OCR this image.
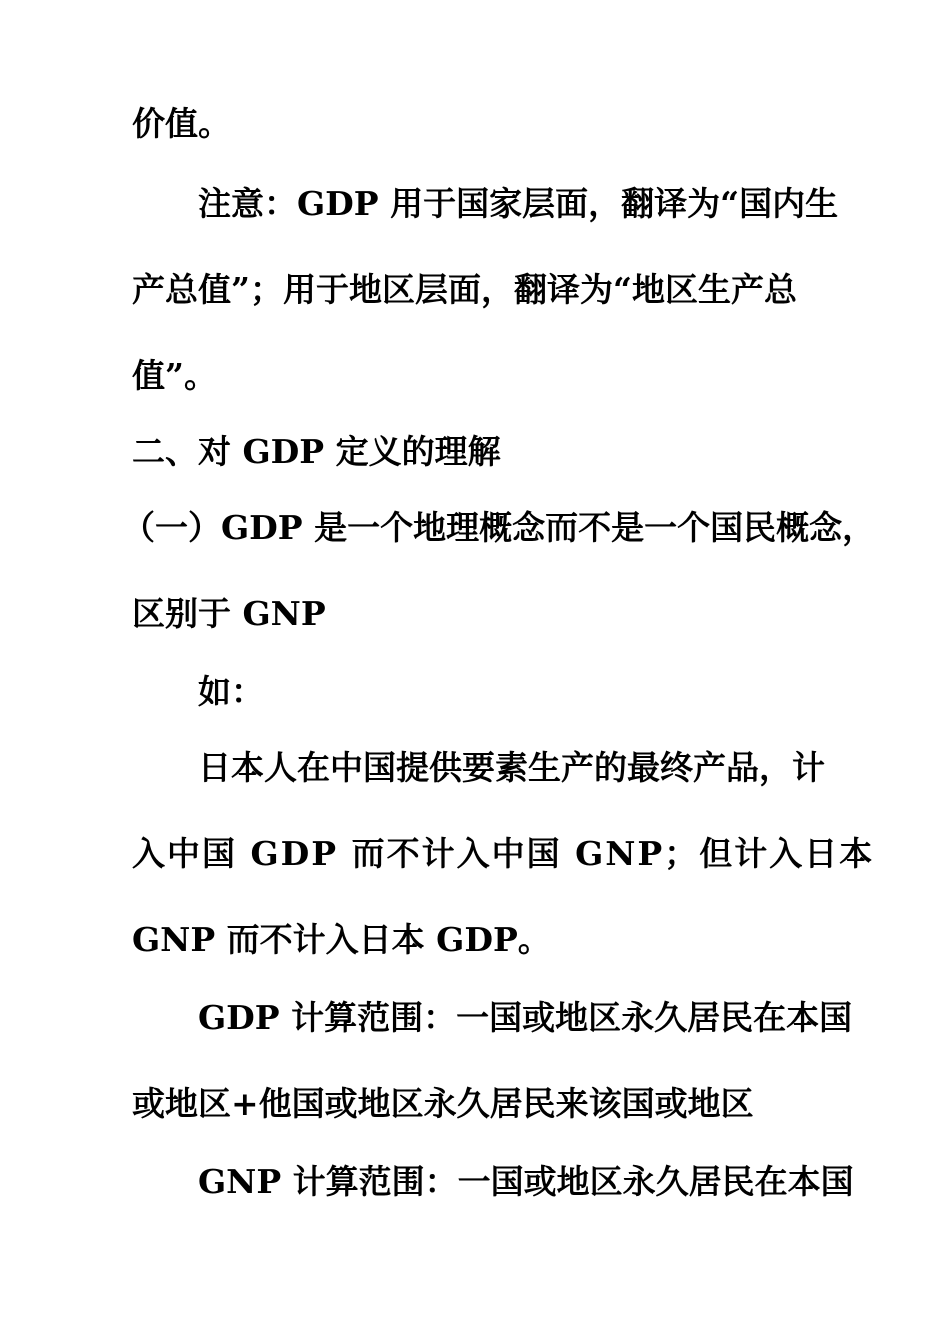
价值。
注意：GDP 用于国家层面，翻译为“国内生
产总值”；用于地区层面，翻译为“地区生产总
值”。
二、对 GDP 定义的理解
（一）GDP 是一个地理概念而不是一个国民概念，
区别于 GNP
如：
日本人在中国提供要素生产的最终产品，计
入中国 GDP 而不计入中国 GNP；但计入日本
GNP 而不计入日本 GDP。
GDP 计算范围：一国或地区永久居民在本国
或地区+他国或地区永久居民来该国或地区
GNP 计算范围：一国或地区永久居民在本国
